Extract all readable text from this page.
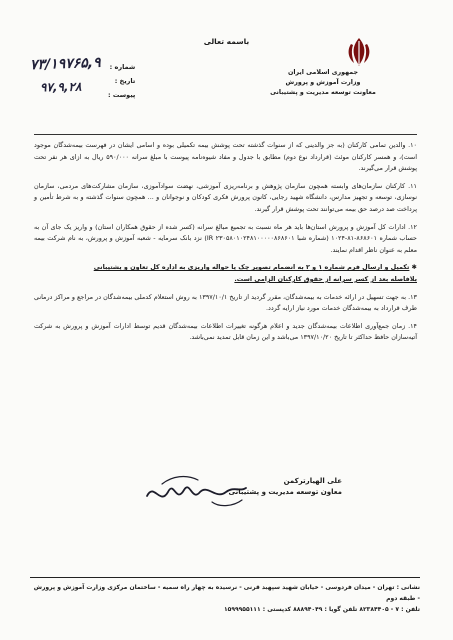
باسمه تعالی
جمهوری اسلامی ایران
وزارت آموزش و پرورش
معاونت توسعه مدیریت و پشتیبانی
شماره :
تاریخ :
پیوست :
۷۳/۱۹۷۶۵,۹
۹۷,۹,۲۸

۱۰. والدین تمامی کارکنان (به جز والدینی که از سنوات گذشته تحت پوشش بیمه تکمیلی بوده و اسامی ایشان در فهرست بیمه‌شدگان موجود است)، و همسر کارکنان موئث (قرارداد نوع دوم) مطابق با جدول و مفاد شیوه‌نامه پیوست با مبلغ سرانه ۵۹۰/۰۰۰ ریال به ازای هر نفر تحت پوشش قرار می‌گیرند.

۱۱. کارکنان سازمان‌های وابسته همچون سازمان پژوهش و برنامه‌ریزی آموزشی، نهضت سوادآموزی، سازمان مشارکت‌های مردمی، سازمان نوسازی، توسعه و تجهیز مدارس، دانشگاه شهید رجایی، کانون پرورش فکری کودکان و نوجوانان و ... همچون سنوات گذشته و به شرط تأمین و پرداخت صد درصد حق بیمه می‌توانند تحت پوشش قرار گیرند.

۱۲. ادارات کل آموزش و پرورش استان‌ها باید هر ماه نسبت به تجمیع مبالغ سرانه (کسر شده از حقوق همکاران استان) و واریز یک جای آن به حساب شماره ۸۶۸۶۰۱-۸۱-۱۰۲۴ (شماره شبا IR ۲۳۰۵۸۰۱۰۲۴۸۱۰۰۰۰۰۸۶۸۶۰۱) نزد بانک سرمایه - شعبه آموزش و پرورش، به نام شرکت بیمه معلم به عنوان ناظر اقدام نمایند.

✱ تکمیل و ارسال فرم شماره ۱ و ۲ به انضمام تصویر چک یا حواله واریزی به اداره کل تعاون و پشتیبانی
بلافاصله بعد از کسر سرانه از حقوق کارکنان الزامی است.

۱۳. به جهت تسهیل در ارائه خدمات به بیمه‌شدگان، مقرر گردید از تاریخ ۱۳۹۷/۱۰/۱ به روش استعلام کدملی بیمه‌شدگان در مراجع و مراکز درمانی طرف قرارداد به بیمه‌شدگان خدمات مورد نیاز ارایه گردد.

۱۴. زمان جمع‌آوری اطلاعات بیمه‌شدگان جدید و اعلام هرگونه تغییرات اطلاعات بیمه‌شدگان قدیم توسط ادارات آموزش و پرورش به شرکت آتیه‌سازان حافظ حداکثر تا تاریخ ۱۳۹۷/۱۰/۲۰ می‌باشد و این زمان قابل تمدید نمی‌باشد.

علی الهیارترکمن
معاون توسعه مدیریت و پشتیبانی
نشانی : تهران - میدان فردوسی - خیابان شهید سپهبد قرنی - نرسیده به چهار راه سمیه - ساختمان مرکزی وزارت آموزش و پرورش - طبقه دوم
تلفن : ۷ - ۸۲۳۸۴۴۰۵ تلفن گویا : ۸۸۸۹۴۰۴۹ کدپستی : ۱۵۹۹۹۵۵۱۱۱
